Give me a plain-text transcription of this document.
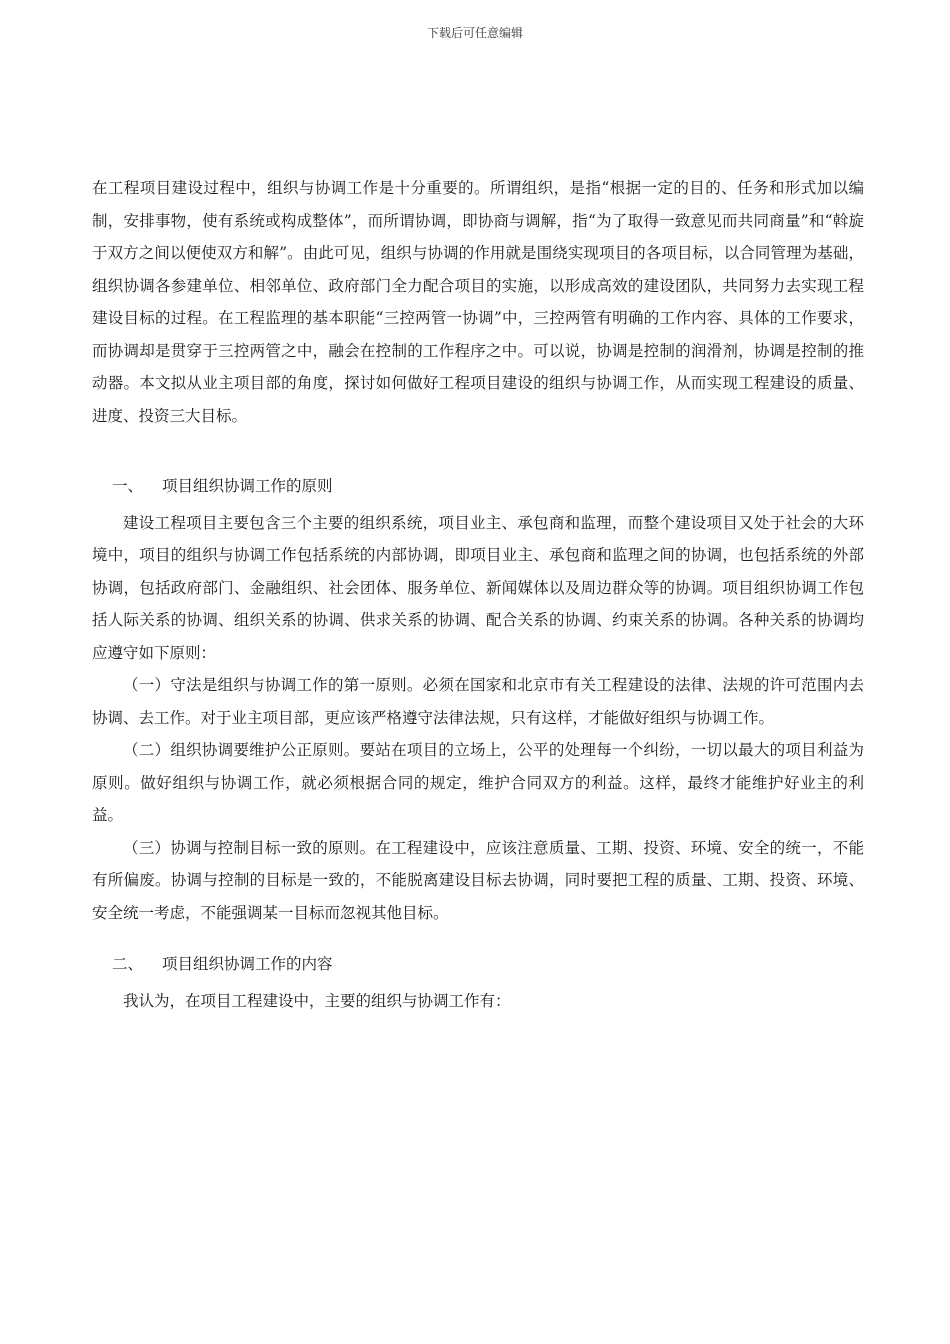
下载后可任意编辑

在工程项目建设过程中，组织与协调工作是十分重要的。所谓组织，是指“根据一定的目的、任务和形式加以编制，安排事物，使有系统或构成整体”，而所谓协调，即协商与调解，指“为了取得一致意见而共同商量”和“斡旋于双方之间以便使双方和解”。由此可见，组织与协调的作用就是围绕实现项目的各项目标，以合同管理为基础，组织协调各参建单位、相邻单位、政府部门全力配合项目的实施，以形成高效的建设团队，共同努力去实现工程建设目标的过程。在工程监理的基本职能“三控两管一协调”中，三控两管有明确的工作内容、具体的工作要求，而协调却是贯穿于三控两管之中，融会在控制的工作程序之中。可以说，协调是控制的润滑剂，协调是控制的推动器。本文拟从业主项目部的角度，探讨如何做好工程项目建设的组织与协调工作，从而实现工程建设的质量、进度、投资三大目标。

一、 项目组织协调工作的原则

建设工程项目主要包含三个主要的组织系统，项目业主、承包商和监理，而整个建设项目又处于社会的大环境中，项目的组织与协调工作包括系统的内部协调，即项目业主、承包商和监理之间的协调，也包括系统的外部协调，包括政府部门、金融组织、社会团体、服务单位、新闻媒体以及周边群众等的协调。项目组织协调工作包括人际关系的协调、组织关系的协调、供求关系的协调、配合关系的协调、约束关系的协调。各种关系的协调均应遵守如下原则：

（一）守法是组织与协调工作的第一原则。必须在国家和北京市有关工程建设的法律、法规的许可范围内去协调、去工作。对于业主项目部，更应该严格遵守法律法规，只有这样，才能做好组织与协调工作。

（二）组织协调要维护公正原则。要站在项目的立场上，公平的处理每一个纠纷，一切以最大的项目利益为原则。做好组织与协调工作，就必须根据合同的规定，维护合同双方的利益。这样，最终才能维护好业主的利益。

（三）协调与控制目标一致的原则。在工程建设中，应该注意质量、工期、投资、环境、安全的统一，不能有所偏废。协调与控制的目标是一致的，不能脱离建设目标去协调，同时要把工程的质量、工期、投资、环境、安全统一考虑，不能强调某一目标而忽视其他目标。

二、 项目组织协调工作的内容

我认为，在项目工程建设中，主要的组织与协调工作有：
